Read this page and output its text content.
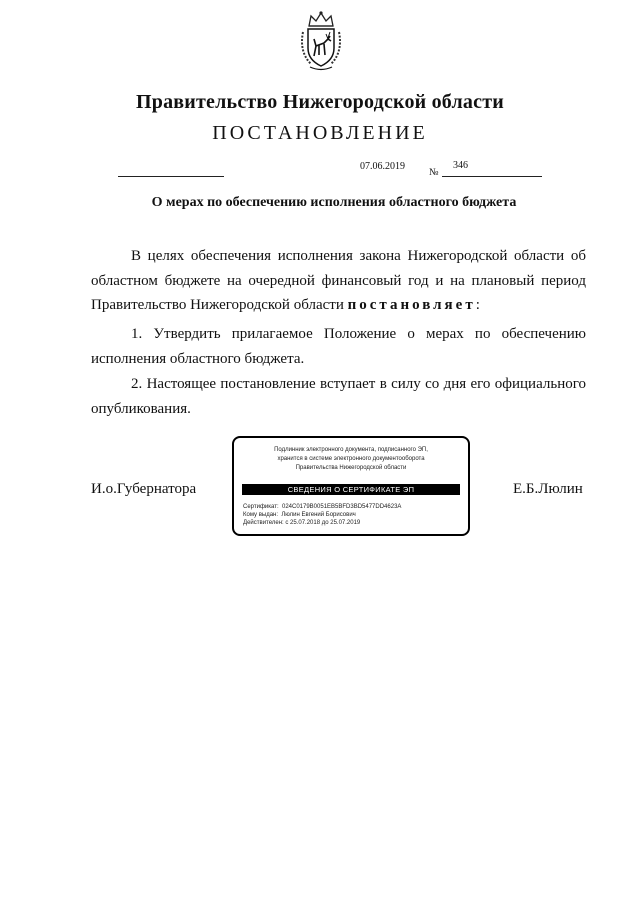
Правительство Нижегородской области
ПОСТАНОВЛЕНИЕ
07.06.2019
№
346
О мерах по обеспечению исполнения областного бюджета
В целях обеспечения исполнения закона Нижегородской области об областном бюджете на очередной финансовый год и на плановый период Правительство Нижегородской области постановляет:
1. Утвердить прилагаемое Положение о мерах по обеспечению исполнения областного бюджета.
2. Настоящее постановление вступает в силу со дня его официального опубликования.
И.о.Губернатора
Подлинник электронного документа, подписанного ЭП,
хранится в системе электронного документооборота
Правительства Нижегородской области
СВЕДЕНИЯ О СЕРТИФИКАТЕ ЭП
Сертификат: 024C0179B0051EB5BFD3BD5477DD4623A
Кому выдан: Люлин Евгений Борисович
Действителен: с 25.07.2018 до 25.07.2019
Е.Б.Люлин
